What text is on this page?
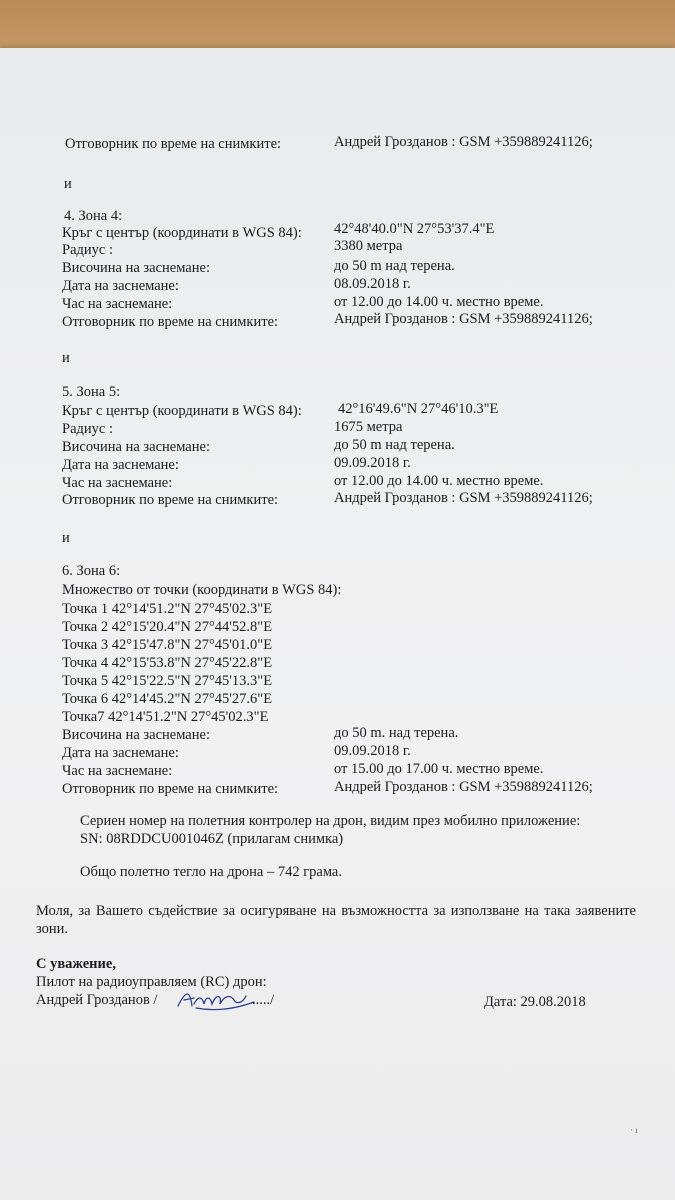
Отговорник по време на снимките:	Андрей Грозданов : GSM +359889241126;
и
4. Зона 4:
Кръг с център (координати в WGS 84): 42°48'40.0"N 27°53'37.4"E
Радиус :	3380 метра
Височина на заснемане:	до 50 m над терена.
Дата на заснемане:	08.09.2018 г.
Час на заснемане:	от 12.00 до 14.00 ч. местно време.
Отговорник по време на снимките:	Андрей Грозданов : GSM +359889241126;
и
5. Зона 5:
Кръг с център (координати в WGS 84): 42°16'49.6"N 27°46'10.3"E
Радиус :	1675 метра
Височина на заснемане:	до 50 m над терена.
Дата на заснемане:	09.09.2018 г.
Час на заснемане:	от 12.00 до 14.00 ч. местно време.
Отговорник по време на снимките:	Андрей Грозданов : GSM +359889241126;
и
6. Зона 6:
Множество от точки (координати в WGS 84):
Точка 1 42°14'51.2"N 27°45'02.3"E
Точка 2 42°15'20.4"N 27°44'52.8"E
Точка 3 42°15'47.8"N 27°45'01.0"E
Точка 4 42°15'53.8"N 27°45'22.8"E
Точка 5 42°15'22.5"N 27°45'13.3"E
Точка 6 42°14'45.2"N 27°45'27.6"E
Точка7 42°14'51.2"N 27°45'02.3"E
Височина на заснемане:	до 50 m. над терена.
Дата на заснемане:	09.09.2018 г.
Час на заснемане:	от 15.00 до 17.00 ч. местно време.
Отговорник по време на снимките:	Андрей Грозданов : GSM +359889241126;
Сериен номер на полетния контролер на дрон, видим през мобилно приложение:
SN: 08RDDCU001046Z (прилагам снимка)
Общо полетно тегло на дрона – 742 грама.
Моля, за Вашето съдействие за осигуряване на възможността за използване на така заявените зони.
С уважение,
Пилот на радиоуправляем (RC) дрон:
Андрей Грозданов /	...../	Дата: 29.08.2018
· ı
